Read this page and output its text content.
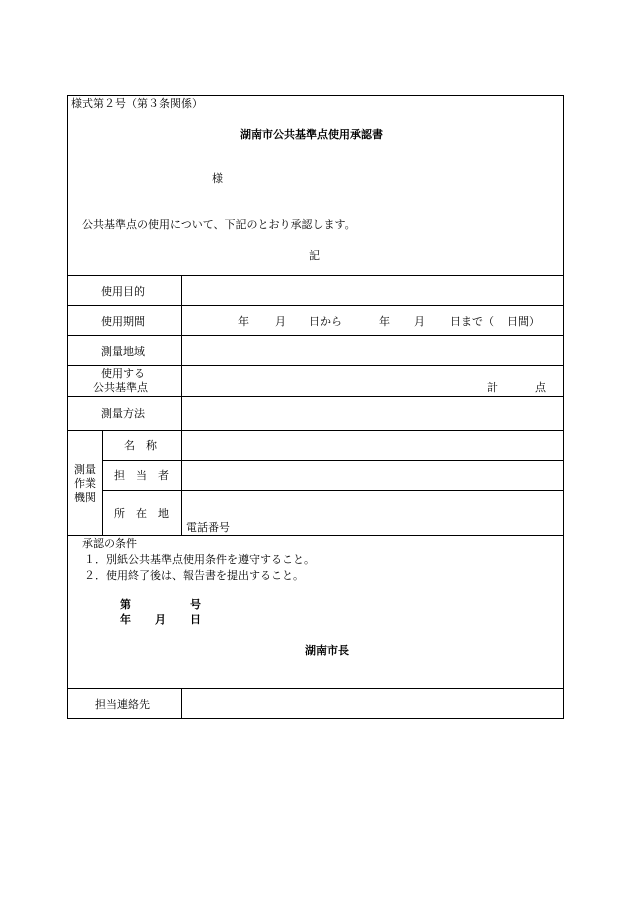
様式第２号（第３条関係）
湖南市公共基準点使用承認書
様
公共基準点の使用について、下記のとおり承認します。
記
使用目的
使用期間	年 月 日から	年 月 日まで（ 日間）
測量地域
使用する
公共基準点	計	点
測量方法
測量
作業
機関
名　称
担　当　者
所　在　地
電話番号
承認の条件
１．別紙公共基準点使用条件を遵守すること。
２．使用終了後は、報告書を提出すること。
第	号
年 月 日
湖南市長
担当連絡先
